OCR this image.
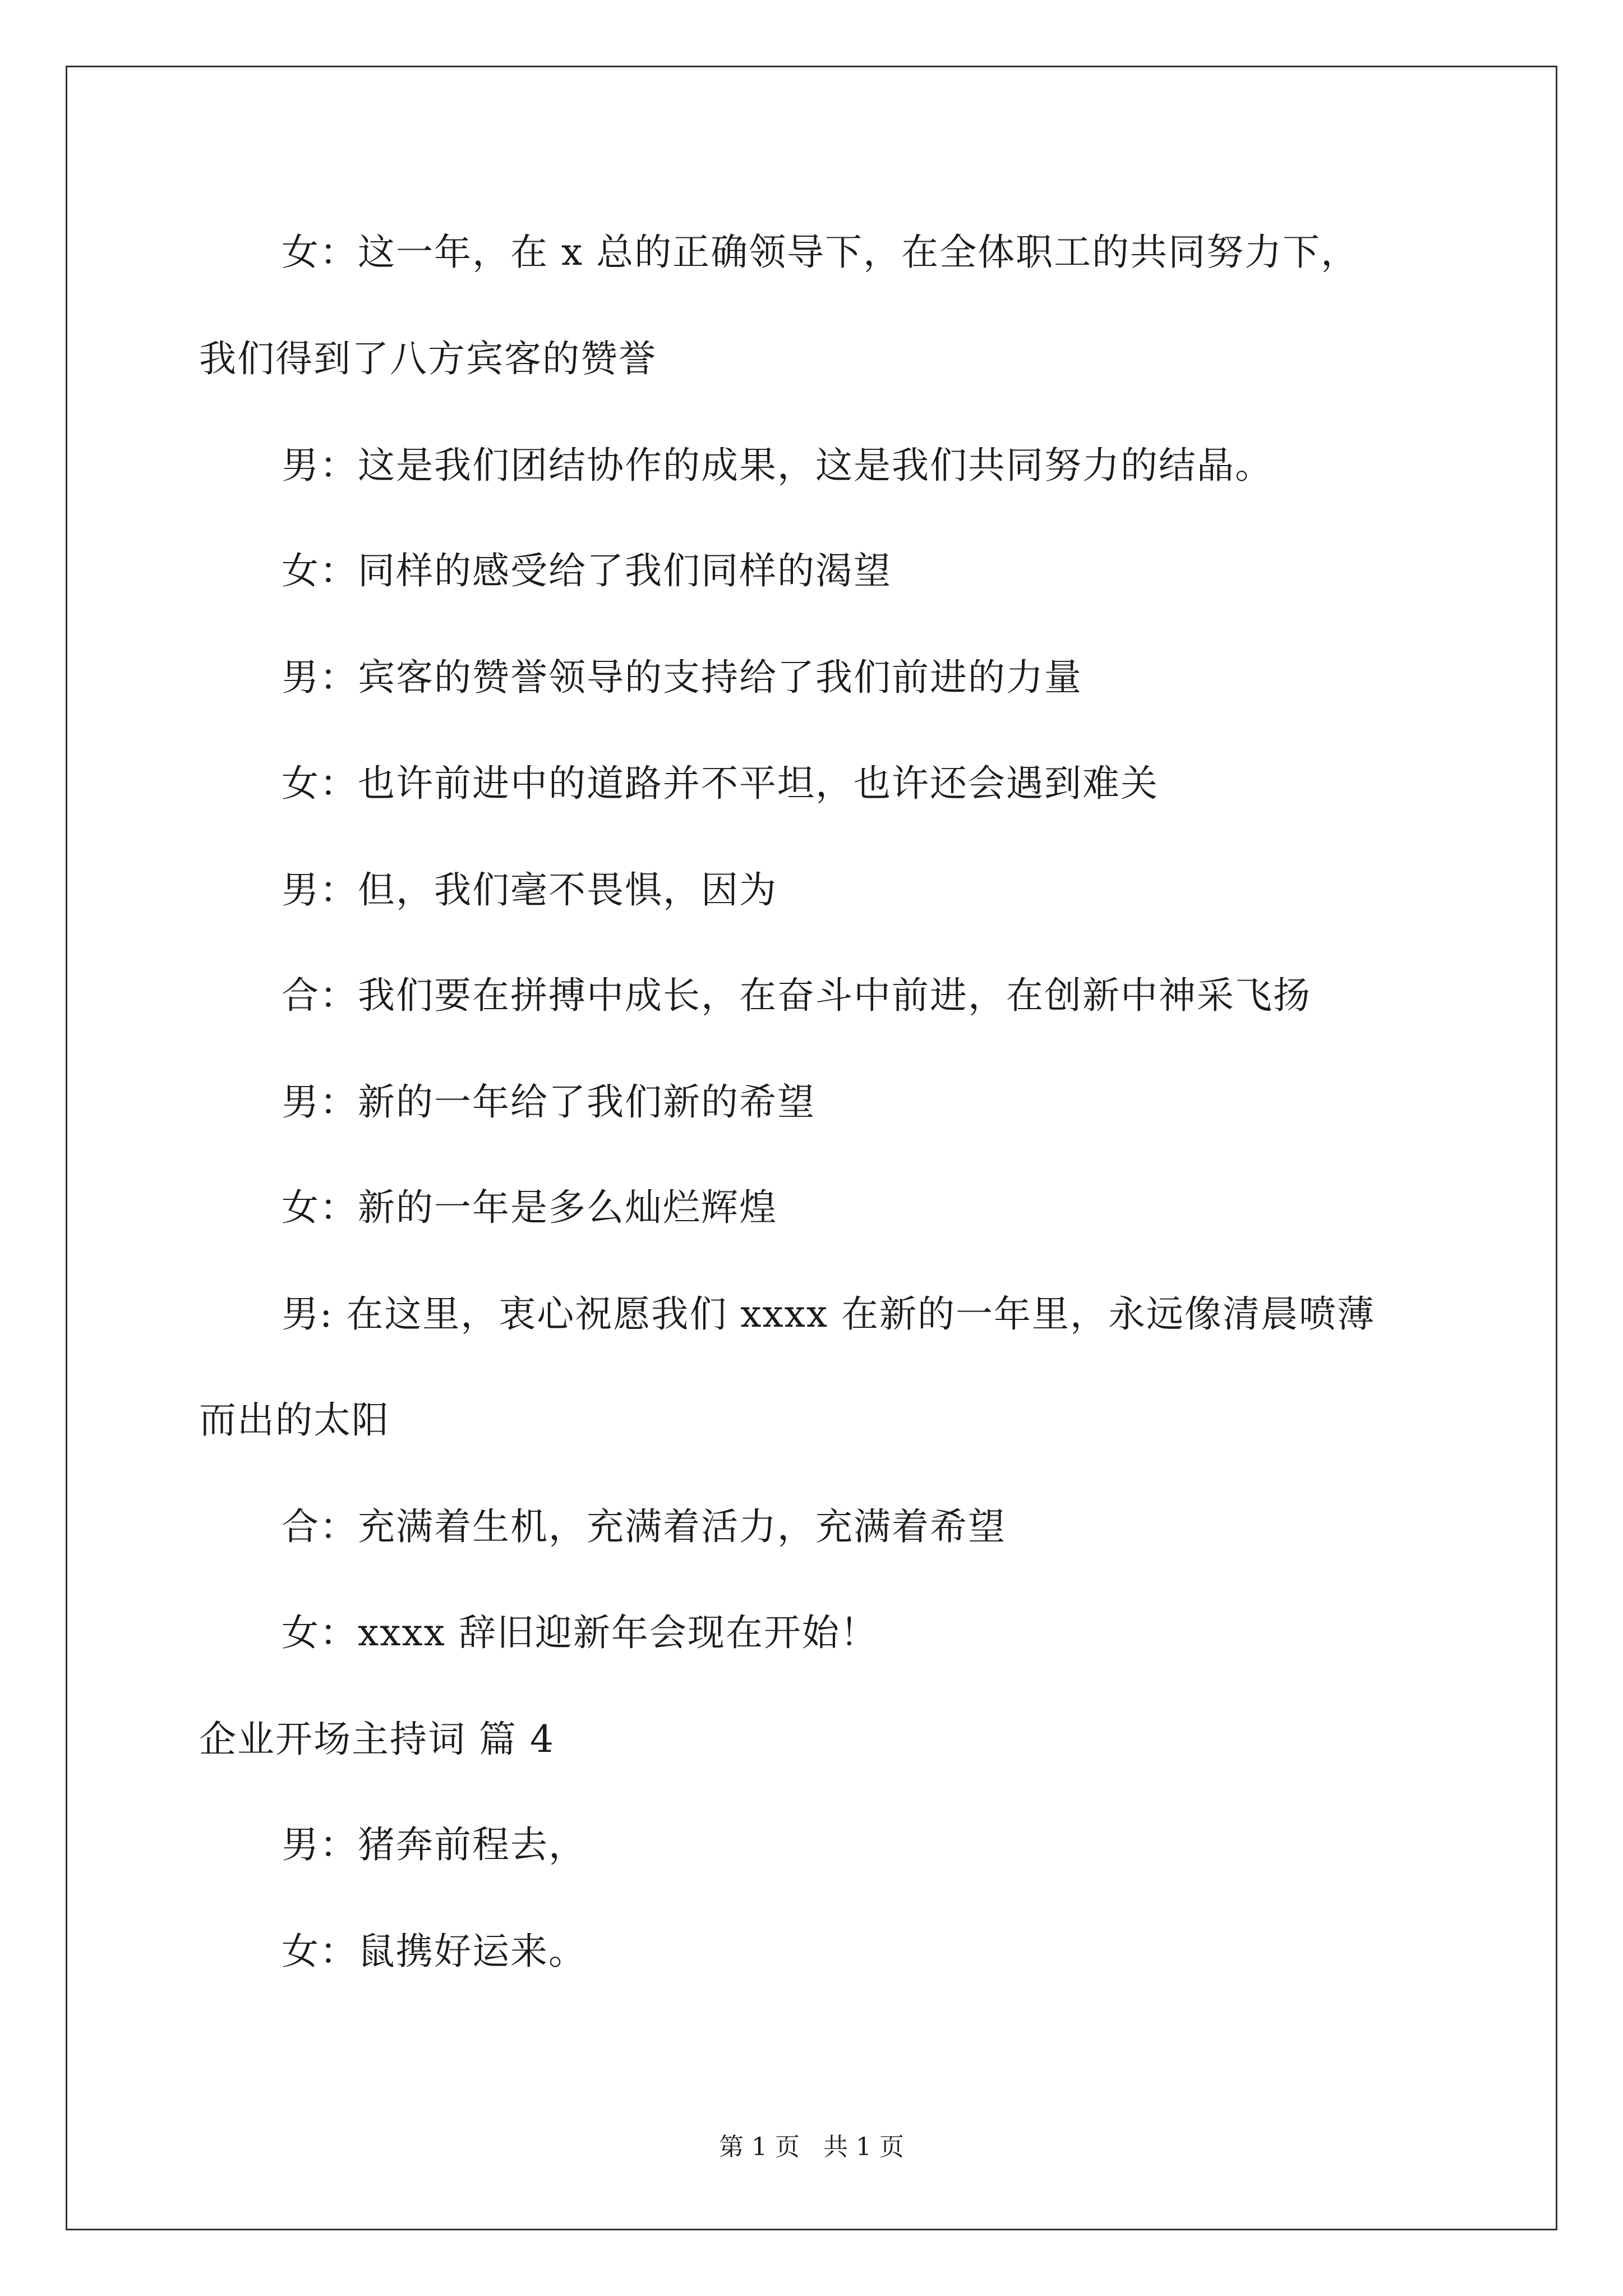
女：这一年，在 x 总的正确领导下，在全体职工的共同努力下，
我们得到了八方宾客的赞誉
男：这是我们团结协作的成果，这是我们共同努力的结晶。
女：同样的感受给了我们同样的渴望
男：宾客的赞誉领导的支持给了我们前进的力量
女：也许前进中的道路并不平坦，也许还会遇到难关
男：但，我们毫不畏惧，因为
合：我们要在拼搏中成长，在奋斗中前进，在创新中神采飞扬
男：新的一年给了我们新的希望
女：新的一年是多么灿烂辉煌
男: 在这里，衷心祝愿我们 xxxx 在新的一年里，永远像清晨喷薄
而出的太阳
合：充满着生机，充满着活力，充满着希望
女：xxxx 辞旧迎新年会现在开始！
企业开场主持词 篇 4
男：猪奔前程去，
女：鼠携好运来。
第 1 页 共 1 页
